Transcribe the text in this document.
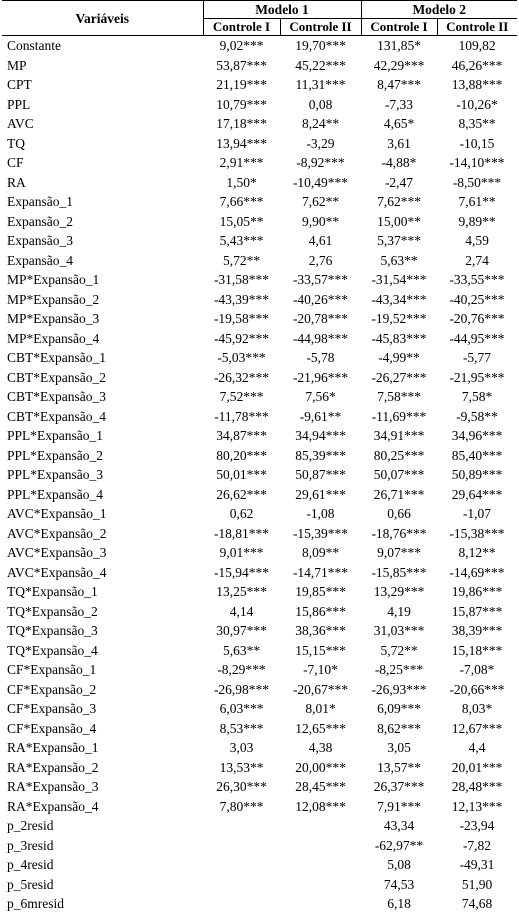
Variáveis	Modelo 1		Modelo 2	
	Controle I	Controle II	Controle I	Controle II
Constante	9,02***	19,70***	131,85*	109,82
MP	53,87***	45,22***	42,29***	46,26***
CPT	21,19***	11,31***	8,47***	13,88***
PPL	10,79***	0,08	-7,33	-10,26*
AVC	17,18***	8,24**	4,65*	8,35**
TQ	13,94***	-3,29	3,61	-10,15
CF	2,91***	-8,92***	-4,88*	-14,10***
RA	1,50*	-10,49***	-2,47	-8,50***
Expansão_1	7,66***	7,62**	7,62***	7,61**
Expansão_2	15,05**	9,90**	15,00**	9,89**
Expansão_3	5,43***	4,61	5,37***	4,59
Expansão_4	5,72**	2,76	5,63**	2,74
MP*Expansão_1	-31,58***	-33,57***	-31,54***	-33,55***
MP*Expansão_2	-43,39***	-40,26***	-43,34***	-40,25***
MP*Expansão_3	-19,58***	-20,78***	-19,52***	-20,76***
MP*Expansão_4	-45,92***	-44,98***	-45,83***	-44,95***
CBT*Expansão_1	-5,03***	-5,78	-4,99**	-5,77
CBT*Expansão_2	-26,32***	-21,96***	-26,27***	-21,95***
CBT*Expansão_3	7,52***	7,56*	7,58***	7,58*
CBT*Expansão_4	-11,78***	-9,61**	-11,69***	-9,58**
PPL*Expansão_1	34,87***	34,94***	34,91***	34,96***
PPL*Expansão_2	80,20***	85,39***	80,25***	85,40***
PPL*Expansão_3	50,01***	50,87***	50,07***	50,89***
PPL*Expansão_4	26,62***	29,61***	26,71***	29,64***
AVC*Expansão_1	0,62	-1,08	0,66	-1,07
AVC*Expansão_2	-18,81***	-15,39***	-18,76***	-15,38***
AVC*Expansão_3	9,01***	8,09**	9,07***	8,12**
AVC*Expansão_4	-15,94***	-14,71***	-15,85***	-14,69***
TQ*Expansão_1	13,25***	19,85***	13,29***	19,86***
TQ*Expansão_2	4,14	15,86***	4,19	15,87***
TQ*Expansão_3	30,97***	38,36***	31,03***	38,39***
TQ*Expansão_4	5,63**	15,15***	5,72**	15,18***
CF*Expansão_1	-8,29***	-7,10*	-8,25***	-7,08*
CF*Expansão_2	-26,98***	-20,67***	-26,93***	-20,66***
CF*Expansão_3	6,03***	8,01*	6,09***	8,03*
CF*Expansão_4	8,53***	12,65***	8,62***	12,67***
RA*Expansão_1	3,03	4,38	3,05	4,4
RA*Expansão_2	13,53**	20,00***	13,57**	20,01***
RA*Expansão_3	26,30***	28,45***	26,37***	28,48***
RA*Expansão_4	7,80***	12,08***	7,91***	12,13***
p_2resid			43,34	-23,94
p_3resid			-62,97**	-7,82
p_4resid			5,08	-49,31
p_5resid			74,53	51,90
p_6mresid			6,18	74,68
